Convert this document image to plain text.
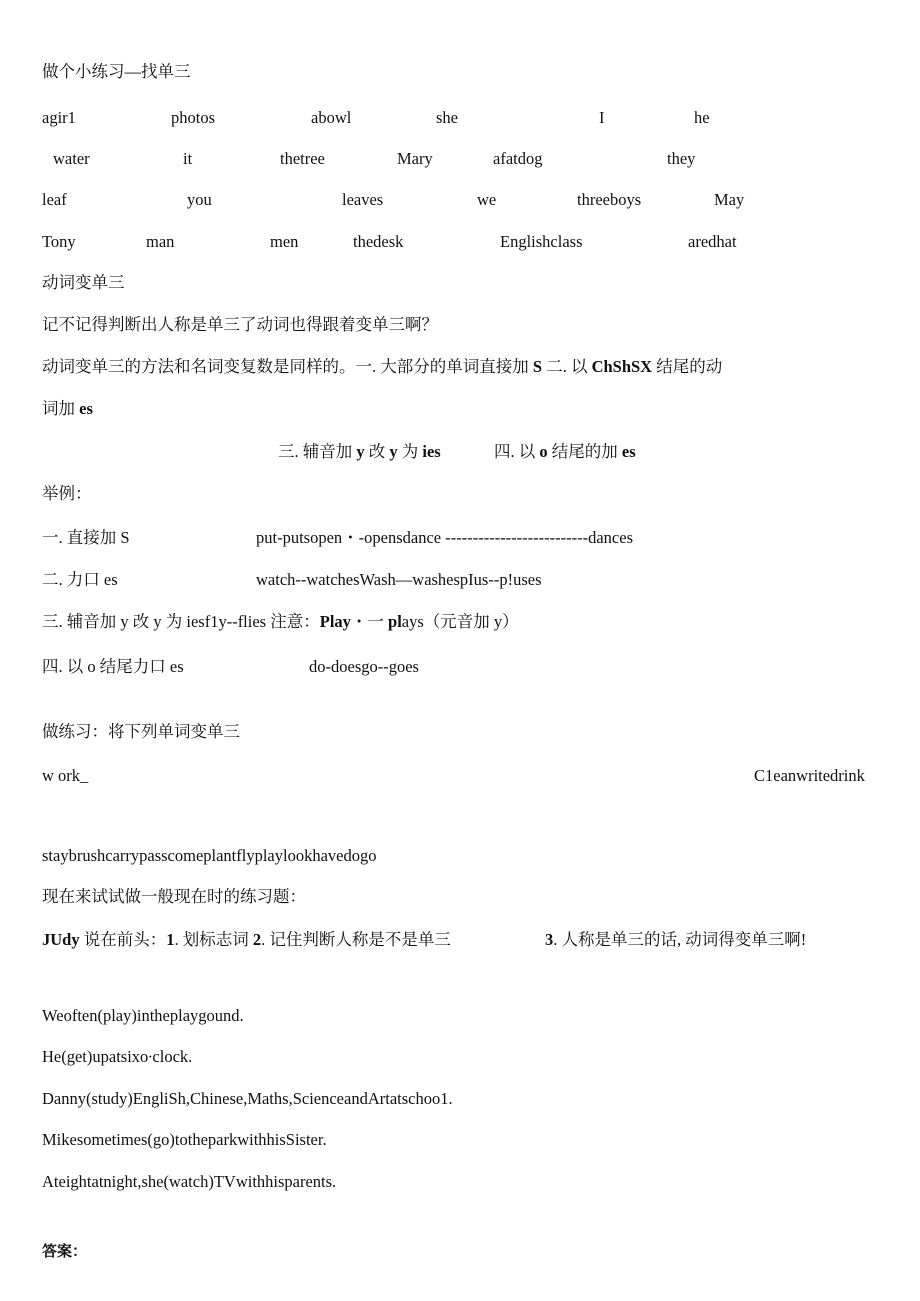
做个小练习—找单三
agir1	photos	abowl	she	I	he
water	it	thetree	Mary	afatdog	they
leaf	you	leaves	we	threeboys	May
Tony	man	men	thedesk	Englishclass	aredhat
动词变单三
记不记得判断出人称是单三了动词也得跟着变单三啊？
动词变单三的方法和名词变复数是同样的。一. 大部分的单词直接加 S 二. 以 ChShSX 结尾的动
词加 es
三. 辅音加 y 改 y 为 ies	四. 以 o 结尾的加 es
举例：
一. 直接加 S	put-putsopen・-opensdance --------------------------dances
二. 力口 es	watch--watchesWash—washespIus--p!uses
三. 辅音加 y 改 y 为 iesf1y--flies 注意：Play・一 plays（元音加 y）
四. 以 o 结尾力口 es	do-doesgo--goes
做练习：将下列单词变单三
w ork_	C1eanwritedrink
staybrushcarrypasscomeplantflyplaylookhavedogo
现在来试试做一般现在时的练习题：
JUdy 说在前头：1. 划标志词 2. 记住判断人称是不是单三	3. 人称是单三的话, 动词得变单三啊!
Weoften(play)intheplaygound.
He(get)upatsixo∙clock.
Danny(study)EngliSh,Chinese,Maths,ScienceandArtatschoo1.
Mikesometimes(go)totheparkwithhisSister.
Ateightatnight,she(watch)TVwithhisparents.
答案：
